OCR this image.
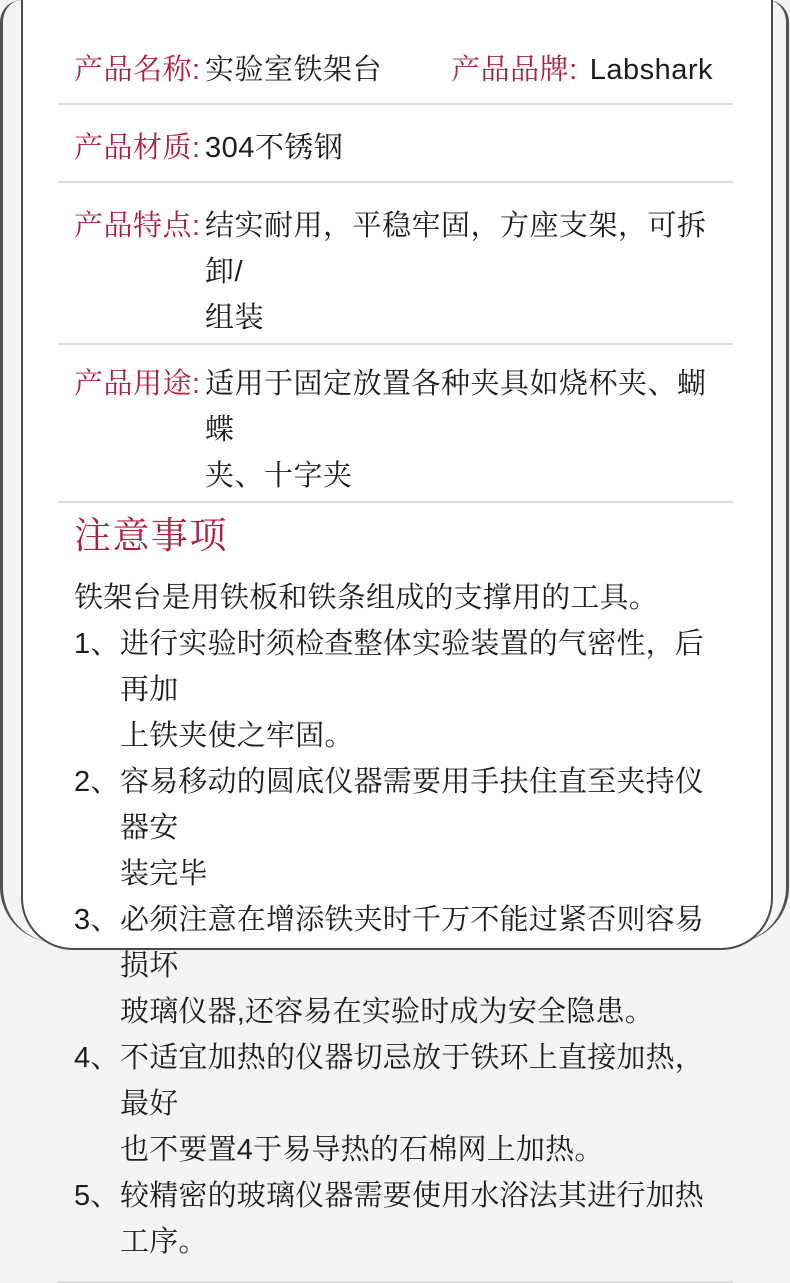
产品名称: 实验室铁架台 产品品牌: Labshark
产品材质: 304不锈钢
产品特点: 结实耐用，平稳牢固，方座支架，可拆卸/
组装
产品用途: 适用于固定放置各种夹具如烧杯夹、蝴蝶
夹、十字夹
注意事项

铁架台是用铁板和铁条组成的支撑用的工具。

1、 进行实验时须检查整体实验装置的气密性，后再加
上铁夹使之牢固。
2、 容易移动的圆底仪器需要用手扶住直至夹持仪器安
装完毕
3、 必须注意在增添铁夹时千万不能过紧否则容易损坏
玻璃仪器,还容易在实验时成为安全隐患。
4、 不适宜加热的仪器切忌放于铁环上直接加热，最好
也不要置4于易导热的石棉网上加热。
5、 较精密的玻璃仪器需要使用水浴法其进行加热工序。
